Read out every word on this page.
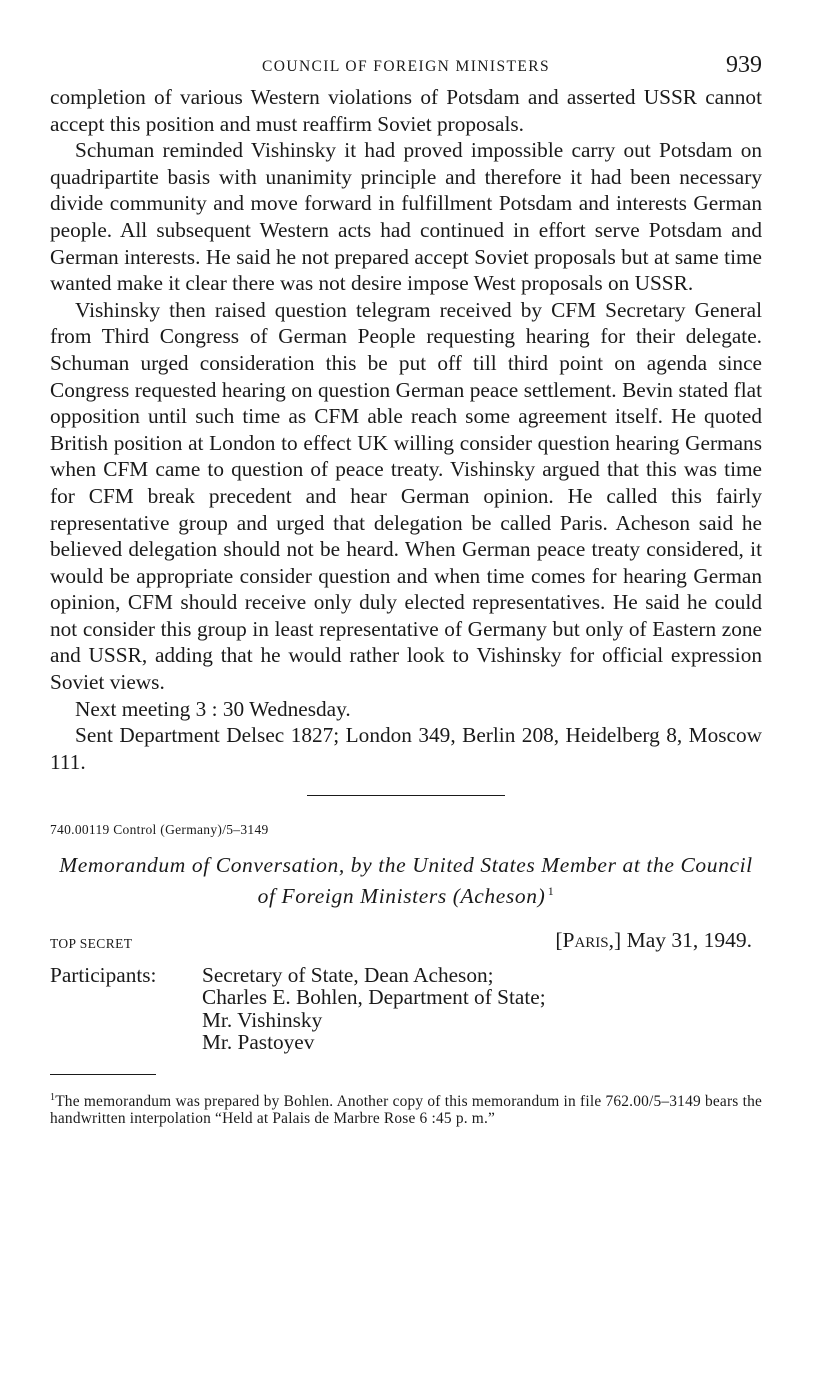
COUNCIL OF FOREIGN MINISTERS	939

completion of various Western violations of Potsdam and asserted USSR cannot accept this position and must reaffirm Soviet proposals.

Schuman reminded Vishinsky it had proved impossible carry out Potsdam on quadripartite basis with unanimity principle and therefore it had been necessary divide community and move forward in fulfillment Potsdam and interests German people. All subsequent Western acts had continued in effort serve Potsdam and German interests. He said he not prepared accept Soviet proposals but at same time wanted make it clear there was not desire impose West proposals on USSR.

Vishinsky then raised question telegram received by CFM Secretary General from Third Congress of German People requesting hearing for their delegate. Schuman urged consideration this be put off till third point on agenda since Congress requested hearing on question German peace settlement. Bevin stated flat opposition until such time as CFM able reach some agreement itself. He quoted British position at London to effect UK willing consider question hearing Germans when CFM came to question of peace treaty. Vishinsky argued that this was time for CFM break precedent and hear German opinion. He called this fairly representative group and urged that delegation be called Paris. Acheson said he believed delegation should not be heard. When German peace treaty considered, it would be appropriate consider question and when time comes for hearing German opinion, CFM should receive only duly elected representatives. He said he could not consider this group in least representative of Germany but only of Eastern zone and USSR, adding that he would rather look to Vishinsky for official expression Soviet views.

Next meeting 3 : 30 Wednesday.

Sent Department Delsec 1827; London 349, Berlin 208, Heidelberg 8, Moscow 111.

740.00119 Control (Germany)/5–3149
Memorandum of Conversation, by the United States Member at the Council of Foreign Ministers (Acheson)  $^1$
TOP SECRET	[Paris,] May 31, 1949.
Participants:	Secretary of State, Dean Acheson;
Charles E. Bohlen, Department of State;
Mr. Vishinsky
Mr. Pastoyev
$^1$The memorandum was prepared by Bohlen. Another copy of this memorandum in file 762.00/5–3149 bears the handwritten interpolation “Held at Palais de Marbre Rose 6 :45 p. m.”
